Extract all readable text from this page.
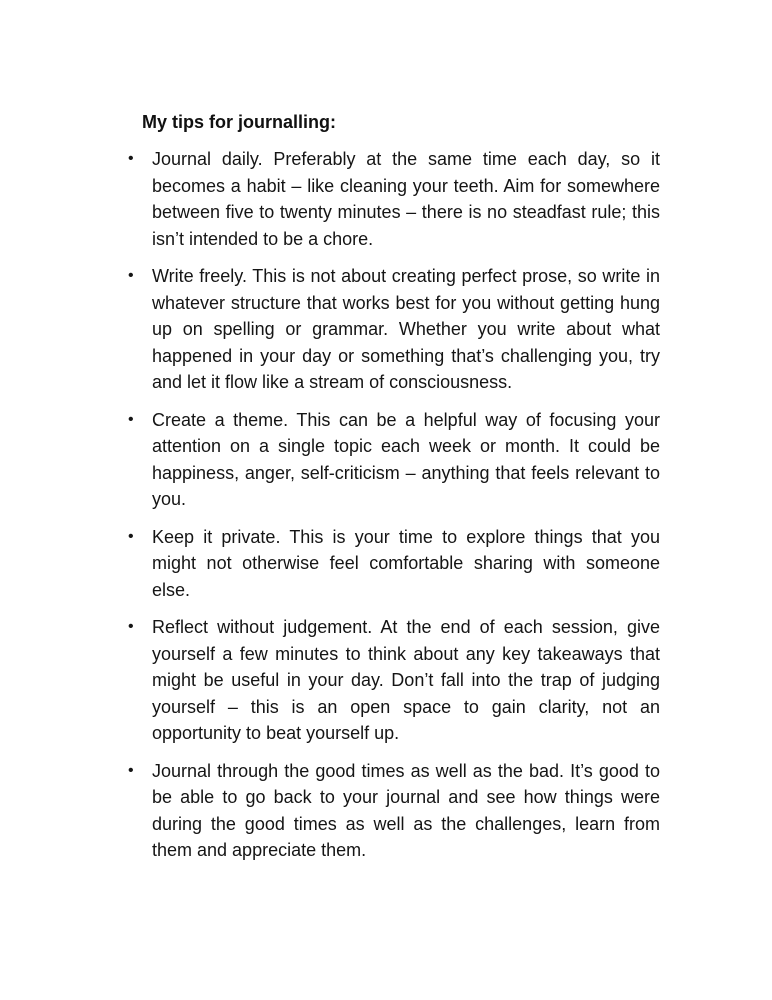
My tips for journalling:
•	Journal daily. Preferably at the same time each day, so it becomes a habit – like cleaning your teeth. Aim for somewhere between five to twenty minutes – there is no steadfast rule; this isn’t intended to be a chore.
•	Write freely. This is not about creating perfect prose, so write in whatever structure that works best for you without getting hung up on spelling or grammar. Whether you write about what happened in your day or something that’s challenging you, try and let it flow like a stream of consciousness.
•	Create a theme. This can be a helpful way of focusing your attention on a single topic each week or month. It could be happiness, anger, self-criticism – anything that feels relevant to you.
•	Keep it private. This is your time to explore things that you might not otherwise feel comfortable sharing with someone else.
•	Reflect without judgement. At the end of each session, give yourself a few minutes to think about any key takeaways that might be useful in your day. Don’t fall into the trap of judging yourself – this is an open space to gain clarity, not an opportunity to beat yourself up.
•	Journal through the good times as well as the bad. It’s good to be able to go back to your journal and see how things were during the good times as well as the challenges, learn from them and appreciate them.
